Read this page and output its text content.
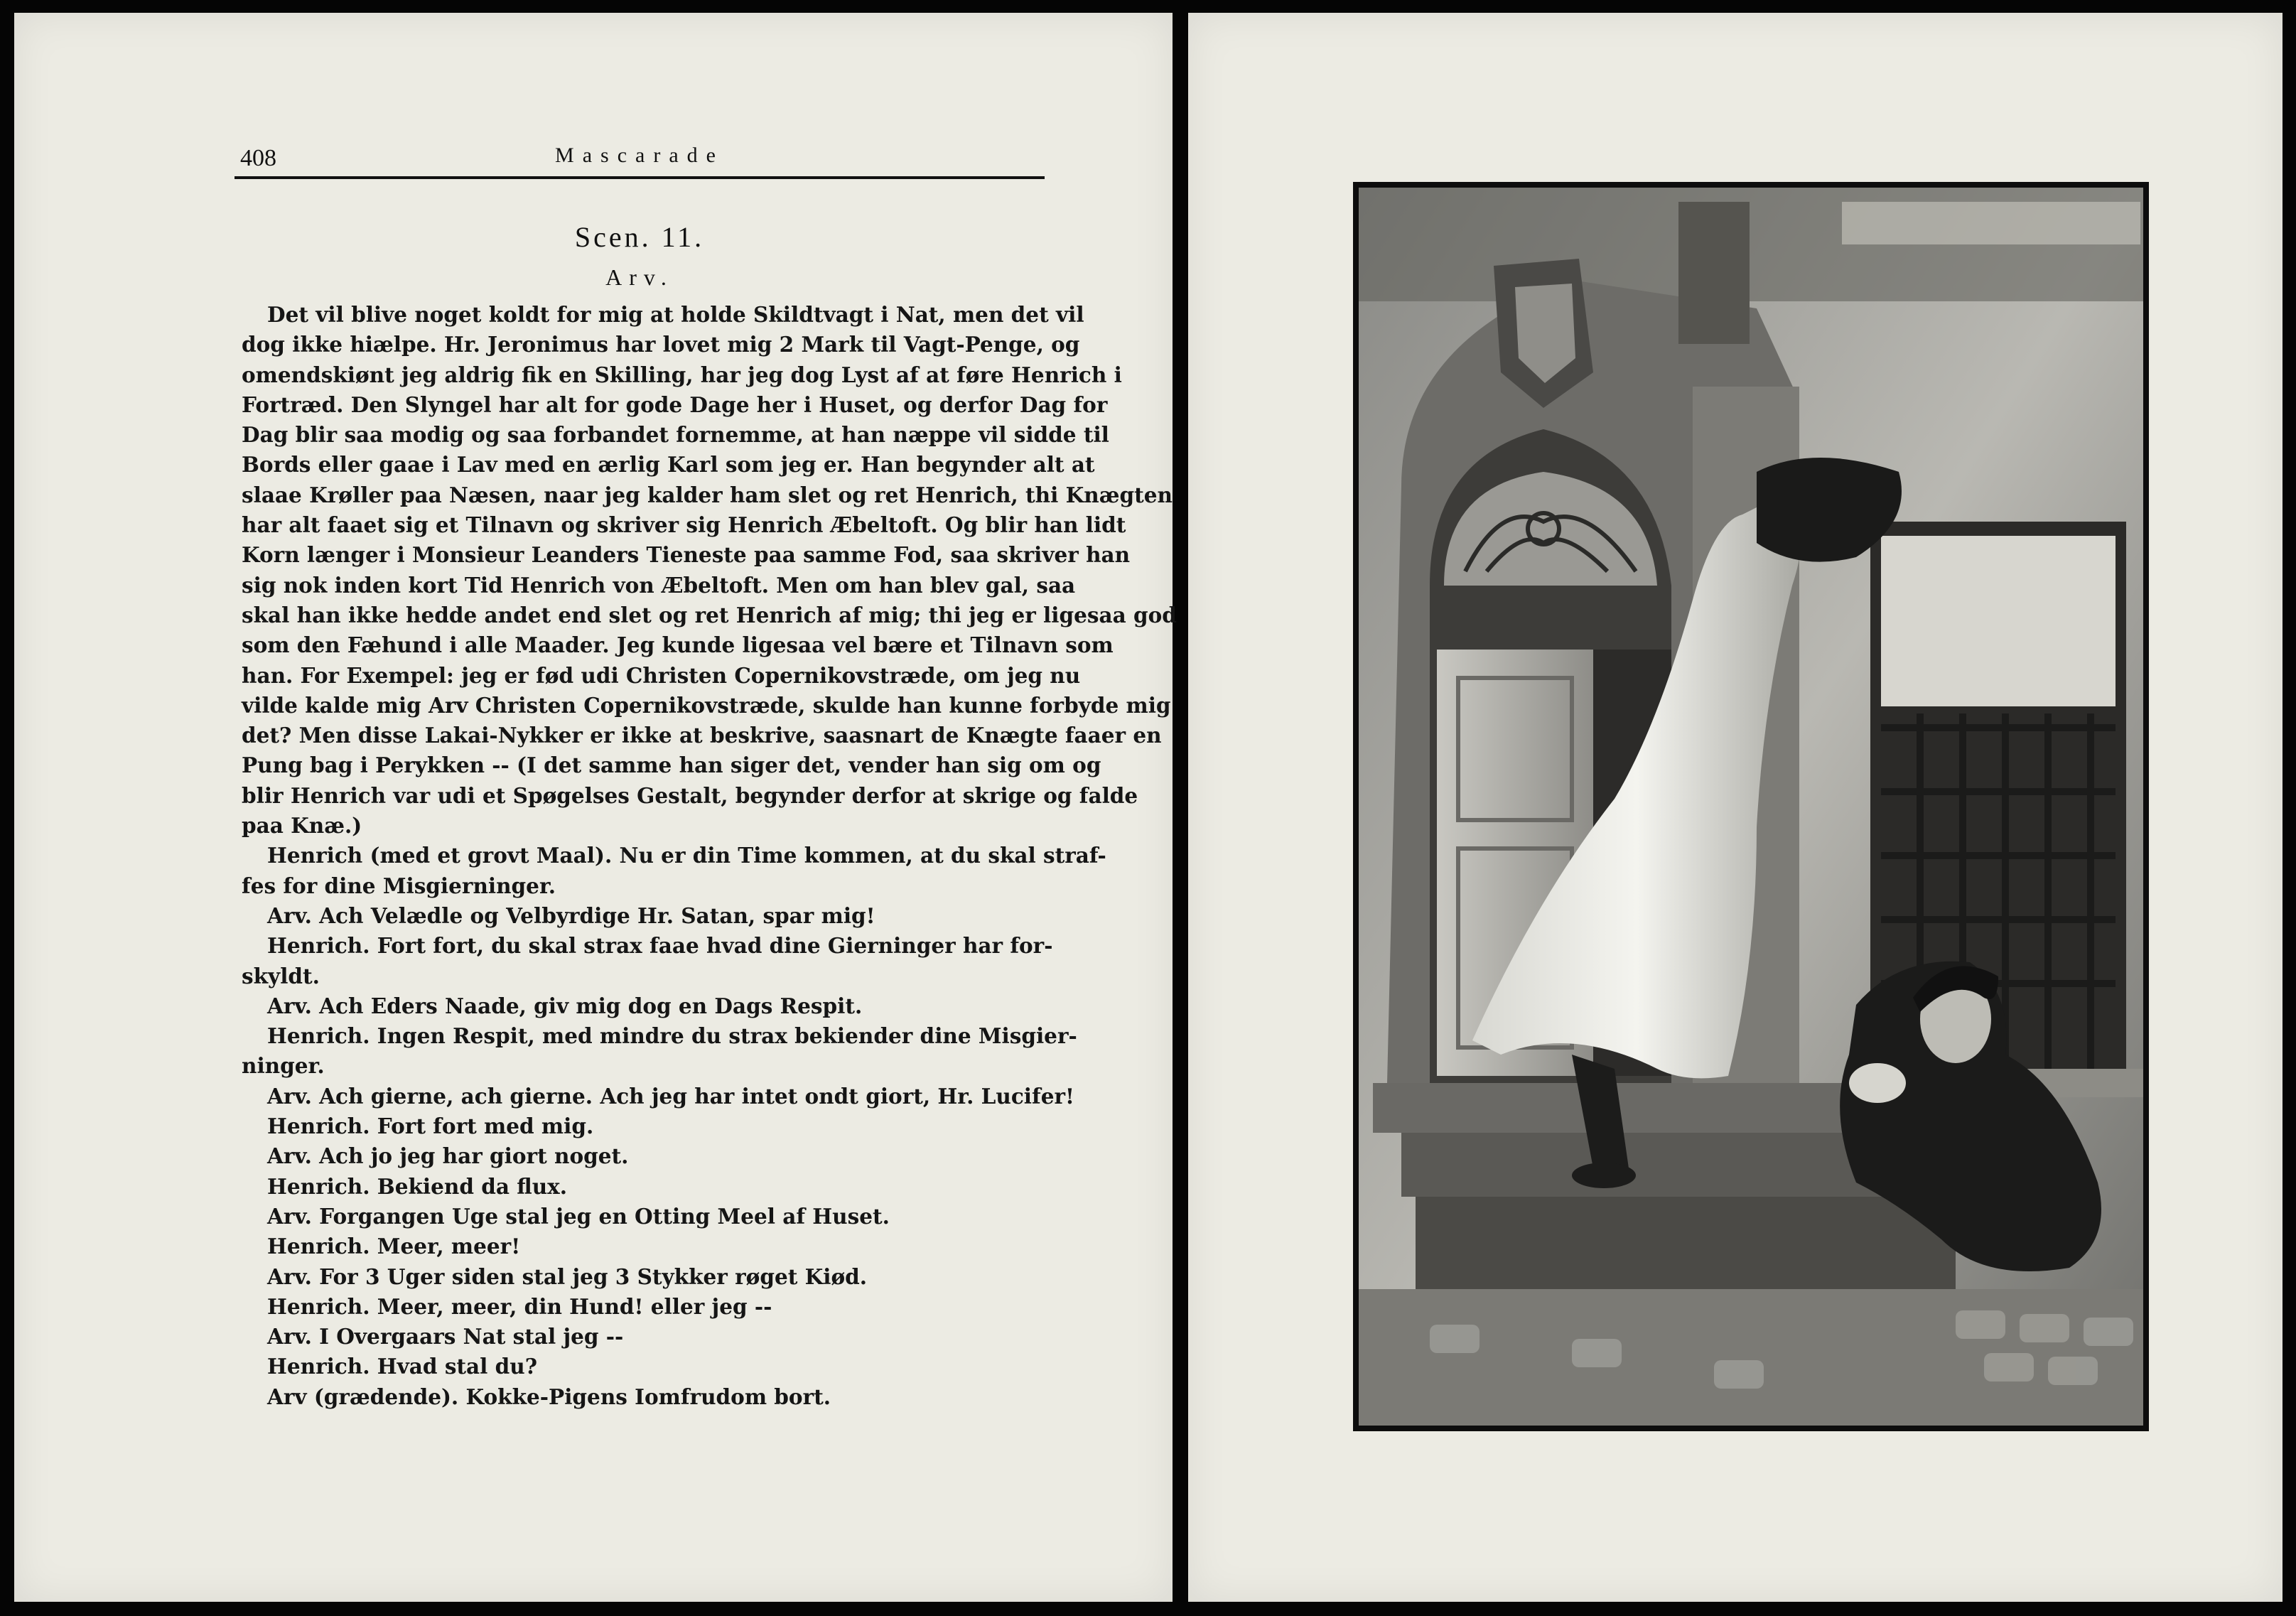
408	Mascarade
Scen. 11.
Arv.
Det vil blive noget koldt for mig at holde Skildtvagt i Nat, men det vil
dog ikke hiælpe. Hr. Jeronimus har lovet mig 2 Mark til Vagt-Penge, og
omendskiønt jeg aldrig fik en Skilling, har jeg dog Lyst af at føre Henrich i
Fortræd. Den Slyngel har alt for gode Dage her i Huset, og derfor Dag for
Dag blir saa modig og saa forbandet fornemme, at han næppe vil sidde til
Bords eller gaae i Lav med en ærlig Karl som jeg er. Han begynder alt at
slaae Krøller paa Næsen, naar jeg kalder ham slet og ret Henrich, thi Knægten
har alt faaet sig et Tilnavn og skriver sig Henrich Æbeltoft. Og blir han lidt
Korn længer i Monsieur Leanders Tieneste paa samme Fod, saa skriver han
sig nok inden kort Tid Henrich von Æbeltoft. Men om han blev gal, saa
skal han ikke hedde andet end slet og ret Henrich af mig; thi jeg er ligesaa god
som den Fæhund i alle Maader. Jeg kunde ligesaa vel bære et Tilnavn som
han. For Exempel: jeg er fød udi Christen Copernikovstræde, om jeg nu
vilde kalde mig Arv Christen Copernikovstræde, skulde han kunne forbyde mig
det? Men disse Lakai-Nykker er ikke at beskrive, saasnart de Knægte faaer en
Pung bag i Perykken -- (I det samme han siger det, vender han sig om og
blir Henrich var udi et Spøgelses Gestalt, begynder derfor at skrige og falde
paa Knæ.)
Henrich (med et grovt Maal). Nu er din Time kommen, at du skal straf-
fes for dine Misgierninger.
Arv. Ach Velædle og Velbyrdige Hr. Satan, spar mig!
Henrich. Fort fort, du skal strax faae hvad dine Gierninger har for-
skyldt.
Arv. Ach Eders Naade, giv mig dog en Dags Respit.
Henrich. Ingen Respit, med mindre du strax bekiender dine Misgier-
ninger.
Arv. Ach gierne, ach gierne. Ach jeg har intet ondt giort, Hr. Lucifer!
Henrich. Fort fort med mig.
Arv. Ach jo jeg har giort noget.
Henrich. Bekiend da flux.
Arv. Forgangen Uge stal jeg en Otting Meel af Huset.
Henrich. Meer, meer!
Arv. For 3 Uger siden stal jeg 3 Stykker røget Kiød.
Henrich. Meer, meer, din Hund! eller jeg --
Arv. I Overgaars Nat stal jeg --
Henrich. Hvad stal du?
Arv (grædende). Kokke-Pigens Iomfrudom bort.
